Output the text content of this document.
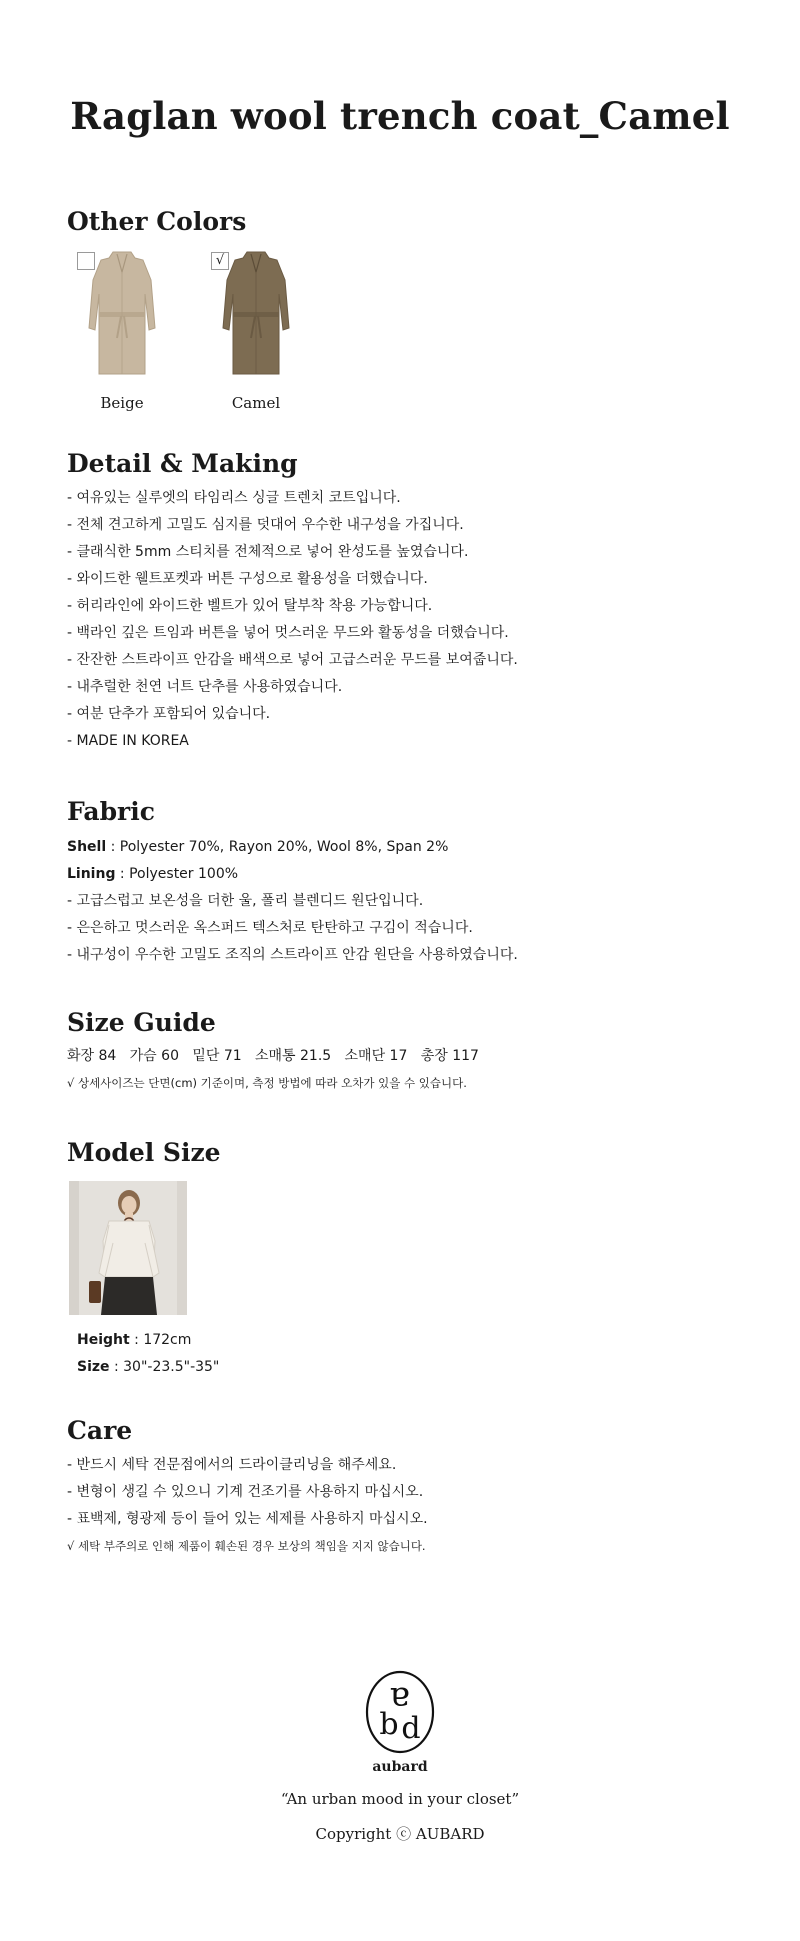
Raglan wool trench coat_Camel
Other Colors
Beige
√
Camel
Detail & Making
- 여유있는 실루엣의 타임리스 싱글 트렌치 코트입니다.
- 전체 견고하게 고밀도 심지를 덧대어 우수한 내구성을 가집니다.
- 클래식한 5mm 스티치를 전체적으로 넣어 완성도를 높였습니다.
- 와이드한 웰트포켓과 버튼 구성으로 활용성을 더했습니다.
- 허리라인에 와이드한 벨트가 있어 탈부착 착용 가능합니다.
- 백라인 깊은 트임과 버튼을 넣어 멋스러운 무드와 활동성을 더했습니다.
- 잔잔한 스트라이프 안감을 배색으로 넣어 고급스러운 무드를 보여줍니다.
- 내추럴한 천연 너트 단추를 사용하였습니다.
- 여분 단추가 포함되어 있습니다.
- MADE IN KOREA
Fabric
Shell : Polyester 70%, Rayon 20%, Wool 8%, Span 2%
Lining : Polyester 100%
- 고급스럽고 보온성을 더한 울, 폴리 블렌디드 원단입니다.
- 은은하고 멋스러운 옥스퍼드 텍스처로 탄탄하고 구김이 적습니다.
- 내구성이 우수한 고밀도 조직의 스트라이프 안감 원단을 사용하였습니다.
Size Guide
화장 84   가슴 60   밑단 71   소매통 21.5   소매단 17   총장 117
√ 상세사이즈는 단면(cm) 기준이며, 측정 방법에 따라 오차가 있을 수 있습니다.
Model Size
Height : 172cm
Size : 30"-23.5"-35"
Care
- 반드시 세탁 전문점에서의 드라이클리닝을 해주세요.
- 변형이 생길 수 있으니 기계 건조기를 사용하지 마십시오.
- 표백제, 형광제 등이 들어 있는 세제를 사용하지 마십시오.
√ 세탁 부주의로 인해 제품이 훼손된 경우 보상의 책임을 지지 않습니다.
a
b d
aubard
“An urban mood in your closet”
Copyright ⓒ AUBARD
